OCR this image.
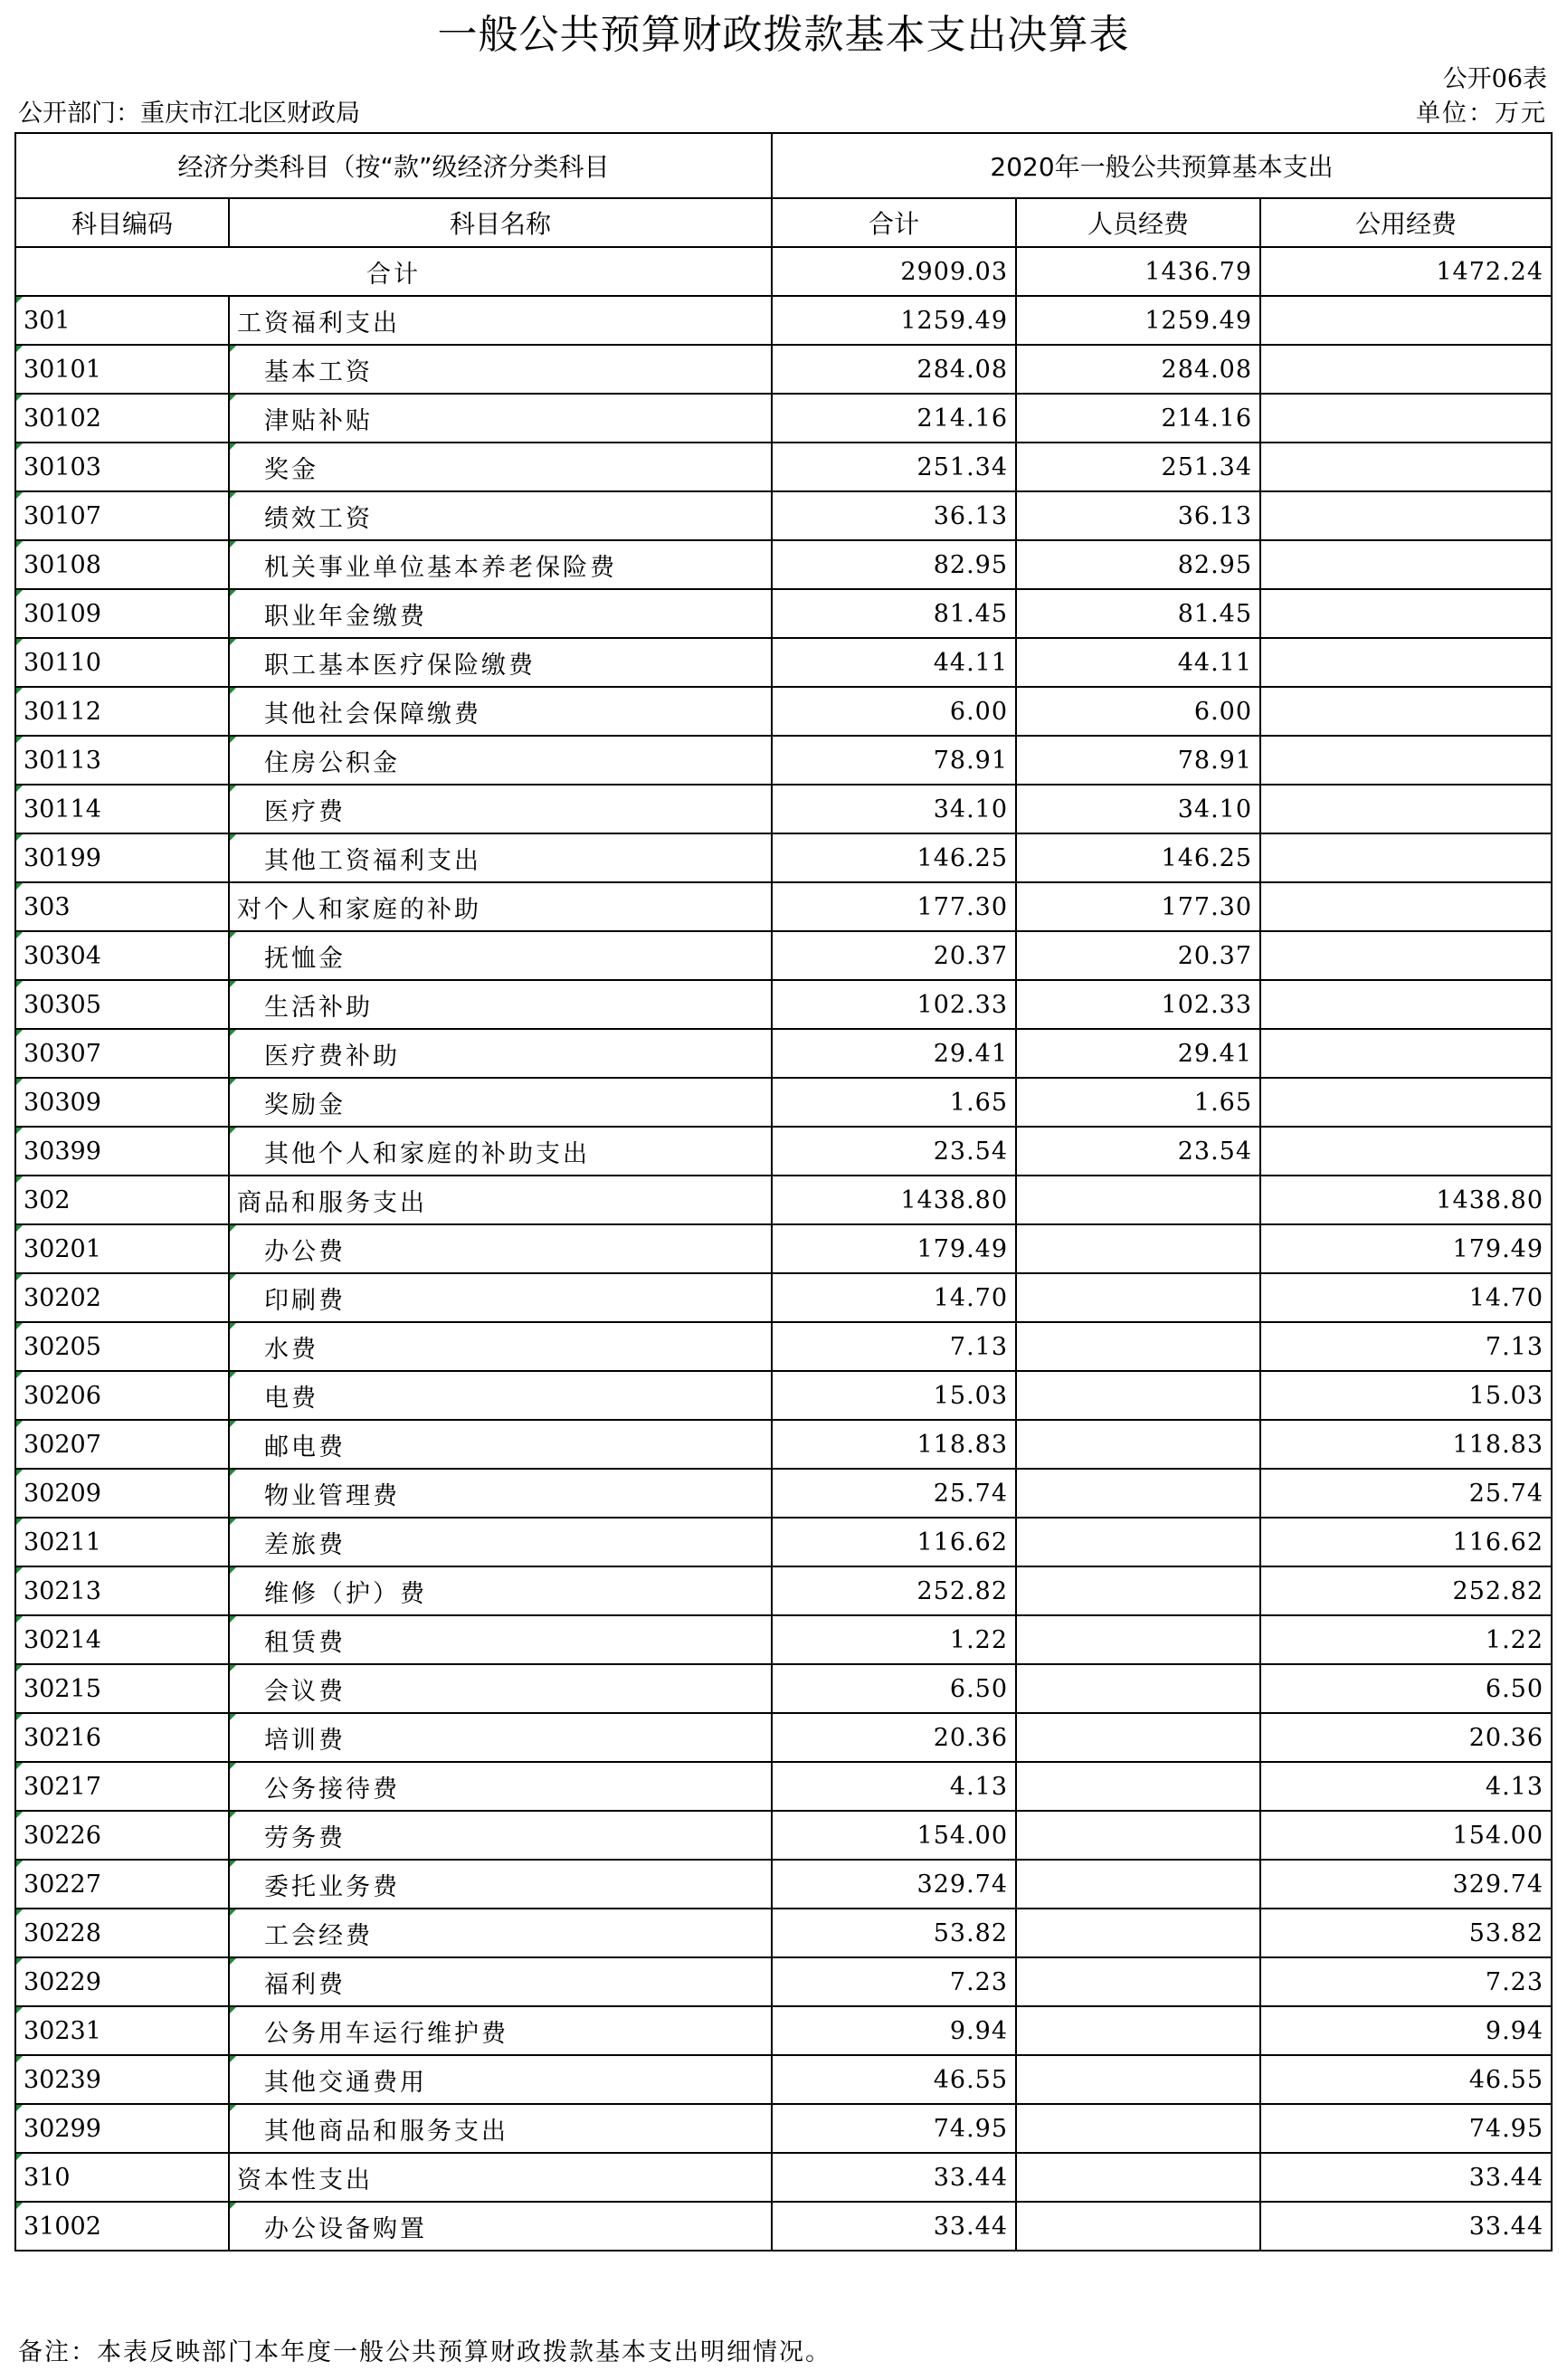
一般公共预算财政拨款基本支出决算表
公开06表
公开部门：重庆市江北区财政局	单位：万元
经济分类科目（按“款”级经济分类科目		2020年一般公共预算基本支出		
科目编码	科目名称	合计	人员经费	公用经费
合计		2909.03	1436.79	1472.24
301	工资福利支出	1259.49	1259.49	
30101	基本工资	284.08	284.08	
30102	津贴补贴	214.16	214.16	
30103	奖金	251.34	251.34	
30107	绩效工资	36.13	36.13	
30108	机关事业单位基本养老保险费	82.95	82.95	
30109	职业年金缴费	81.45	81.45	
30110	职工基本医疗保险缴费	44.11	44.11	
30112	其他社会保障缴费	6.00	6.00	
30113	住房公积金	78.91	78.91	
30114	医疗费	34.10	34.10	
30199	其他工资福利支出	146.25	146.25	
303	对个人和家庭的补助	177.30	177.30	
30304	抚恤金	20.37	20.37	
30305	生活补助	102.33	102.33	
30307	医疗费补助	29.41	29.41	
30309	奖励金	1.65	1.65	
30399	其他个人和家庭的补助支出	23.54	23.54	
302	商品和服务支出	1438.80		1438.80
30201	办公费	179.49		179.49
30202	印刷费	14.70		14.70
30205	水费	7.13		7.13
30206	电费	15.03		15.03
30207	邮电费	118.83		118.83
30209	物业管理费	25.74		25.74
30211	差旅费	116.62		116.62
30213	维修（护）费	252.82		252.82
30214	租赁费	1.22		1.22
30215	会议费	6.50		6.50
30216	培训费	20.36		20.36
30217	公务接待费	4.13		4.13
30226	劳务费	154.00		154.00
30227	委托业务费	329.74		329.74
30228	工会经费	53.82		53.82
30229	福利费	7.23		7.23
30231	公务用车运行维护费	9.94		9.94
30239	其他交通费用	46.55		46.55
30299	其他商品和服务支出	74.95		74.95
310	资本性支出	33.44		33.44
31002	办公设备购置	33.44		33.44
备注：本表反映部门本年度一般公共预算财政拨款基本支出明细情况。
